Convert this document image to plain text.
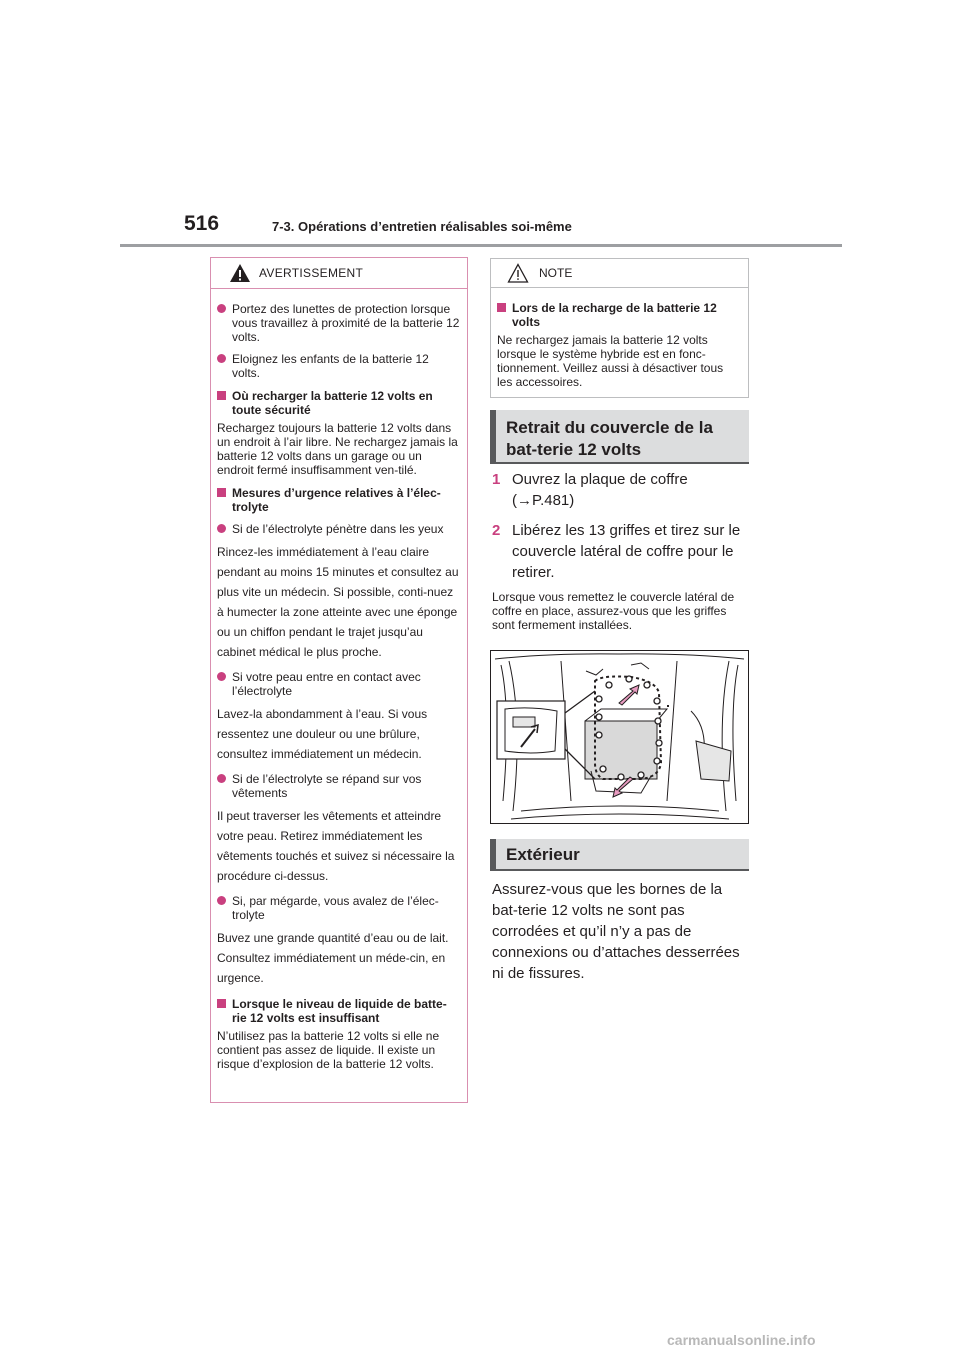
516	7-3. Opérations d’entretien réalisables soi-même
AVERTISSEMENT
Portez des lunettes de protection lorsque vous travaillez à proximité de la batterie 12 volts.
Eloignez les enfants de la batterie 12 volts.
Où recharger la batterie 12 volts en toute sécurité

Rechargez toujours la batterie 12 volts dans un endroit à l’air libre. Ne rechargez jamais la batterie 12 volts dans un garage ou un endroit fermé insuffisamment ven-tilé.

Mesures d’urgence relatives à l’élec-trolyte
Si de l’électrolyte pénètre dans les yeux

Rincez-les immédiatement à l’eau claire pendant au moins 15 minutes et consultez au plus vite un médecin. Si possible, conti-nuez à humecter la zone atteinte avec une éponge ou un chiffon pendant le trajet jusqu’au cabinet médical le plus proche.

Si votre peau entre en contact avec l’électrolyte

Lavez-la abondamment à l’eau. Si vous ressentez une douleur ou une brûlure, consultez immédiatement un médecin.

Si de l’électrolyte se répand sur vos vêtements

Il peut traverser les vêtements et atteindre votre peau. Retirez immédiatement les vêtements touchés et suivez si nécessaire la procédure ci-dessus.

Si, par mégarde, vous avalez de l’élec-trolyte

Buvez une grande quantité d’eau ou de lait. Consultez immédiatement un méde-cin, en urgence.

Lorsque le niveau de liquide de batte-rie 12 volts est insuffisant

N’utilisez pas la batterie 12 volts si elle ne contient pas assez de liquide. Il existe un risque d’explosion de la batterie 12 volts.

NOTE
Lors de la recharge de la batterie 12 volts

Ne rechargez jamais la batterie 12 volts lorsque le système hybride est en fonc-tionnement. Veillez aussi à désactiver tous les accessoires.

Retrait du couvercle de la bat-terie 12 volts
1 Ouvrez la plaque de coffre (→P.481)
2 Libérez les 13 griffes et tirez sur le couvercle latéral de coffre pour le retirer.
Lorsque vous remettez le couvercle latéral de coffre en place, assurez-vous que les griffes sont fermement installées.
Extérieur
Assurez-vous que les bornes de la bat-terie 12 volts ne sont pas corrodées et qu’il n’y a pas de connexions ou d’attaches desserrées ni de fissures.
carmanualsonline.info
